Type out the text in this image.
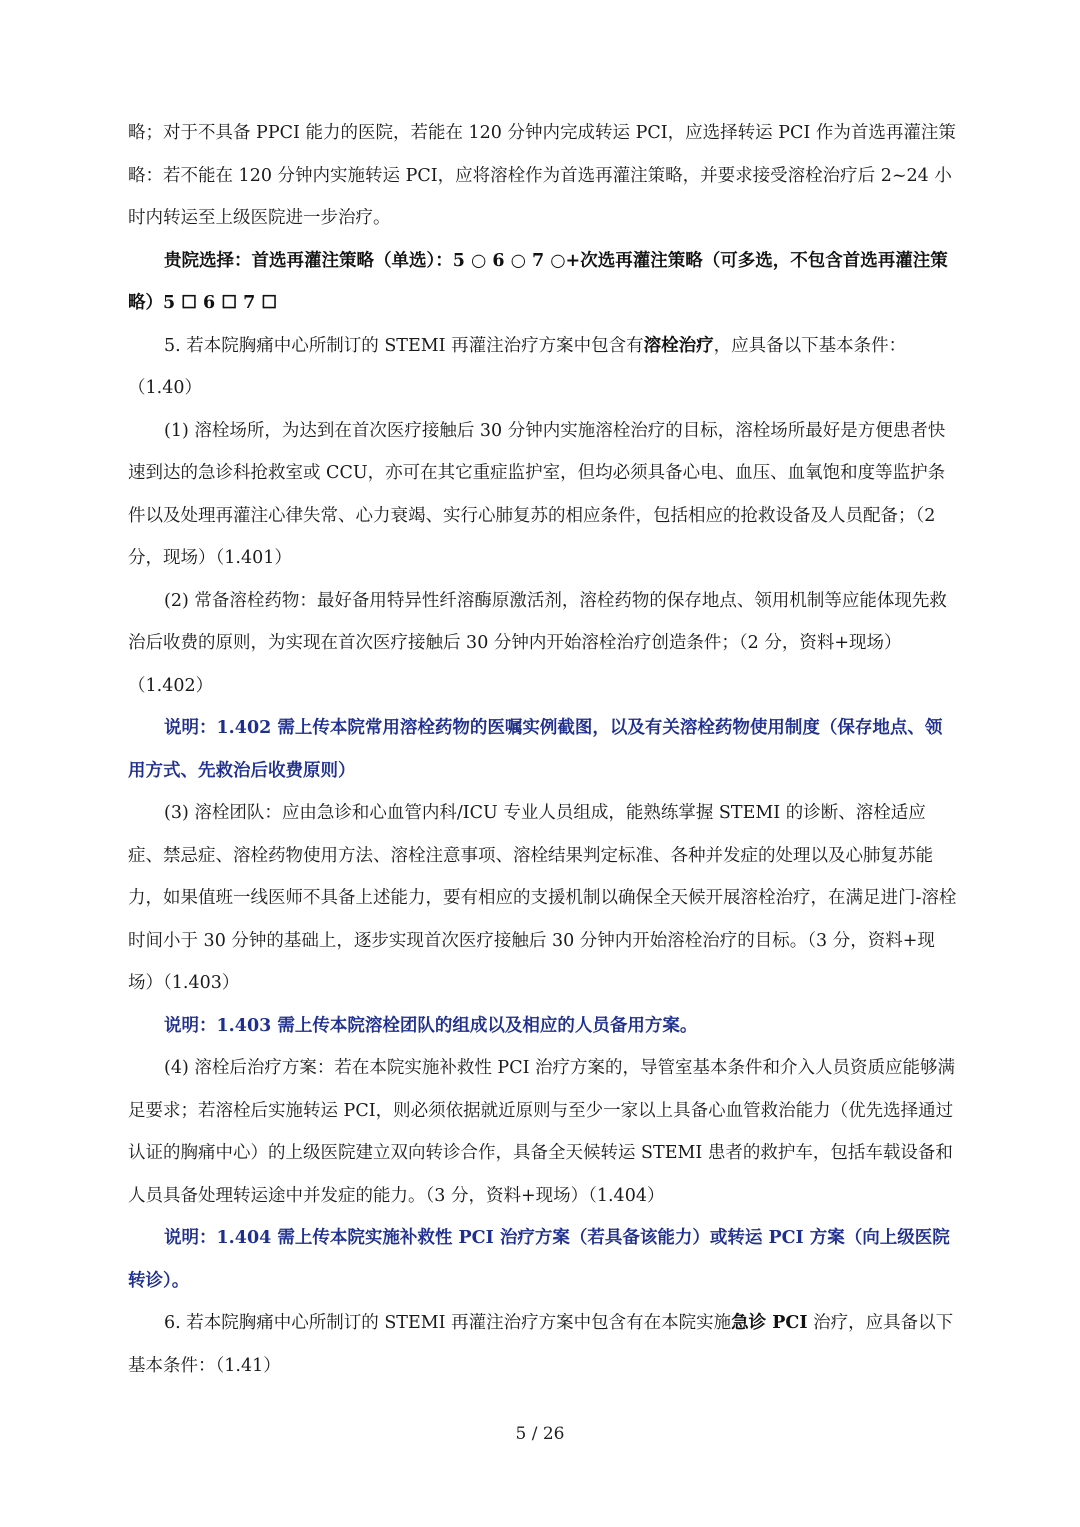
略；对于不具备 PPCI 能力的医院，若能在 120 分钟内完成转运 PCI，应选择转运 PCI 作为首选再灌注策略：若不能在 120 分钟内实施转运 PCI，应将溶栓作为首选再灌注策略，并要求接受溶栓治疗后 2~24 小时内转运至上级医院进一步治疗。

贵院选择：首选再灌注策略（单选）：5 ○ 6 ○ 7 ○+次选再灌注策略（可多选，不包含首选再灌注策略）5 ☐ 6 ☐ 7 ☐

5. 若本院胸痛中心所制订的 STEMI 再灌注治疗方案中包含有溶栓治疗，应具备以下基本条件：（1.40）

(1) 溶栓场所，为达到在首次医疗接触后 30 分钟内实施溶栓治疗的目标，溶栓场所最好是方便患者快速到达的急诊科抢救室或 CCU，亦可在其它重症监护室，但均必须具备心电、血压、血氧饱和度等监护条件以及处理再灌注心律失常、心力衰竭、实行心肺复苏的相应条件，包括相应的抢救设备及人员配备；（2 分，现场）（1.401）

(2) 常备溶栓药物：最好备用特异性纤溶酶原激活剂，溶栓药物的保存地点、领用机制等应能体现先救治后收费的原则，为实现在首次医疗接触后 30 分钟内开始溶栓治疗创造条件；（2 分，资料+现场）（1.402）

说明：1.402 需上传本院常用溶栓药物的医嘱实例截图，以及有关溶栓药物使用制度（保存地点、领用方式、先救治后收费原则）

(3) 溶栓团队：应由急诊和心血管内科/ICU 专业人员组成，能熟练掌握 STEMI 的诊断、溶栓适应症、禁忌症、溶栓药物使用方法、溶栓注意事项、溶栓结果判定标准、各种并发症的处理以及心肺复苏能力，如果值班一线医师不具备上述能力，要有相应的支援机制以确保全天候开展溶栓治疗，在满足进门-溶栓时间小于 30 分钟的基础上，逐步实现首次医疗接触后 30 分钟内开始溶栓治疗的目标。（3 分，资料+现场）（1.403）

说明：1.403 需上传本院溶栓团队的组成以及相应的人员备用方案。

(4) 溶栓后治疗方案：若在本院实施补救性 PCI 治疗方案的，导管室基本条件和介入人员资质应能够满足要求；若溶栓后实施转运 PCI，则必须依据就近原则与至少一家以上具备心血管救治能力（优先选择通过认证的胸痛中心）的上级医院建立双向转诊合作，具备全天候转运 STEMI 患者的救护车，包括车载设备和人员具备处理转运途中并发症的能力。（3 分，资料+现场）（1.404）

说明：1.404 需上传本院实施补救性 PCI 治疗方案（若具备该能力）或转运 PCI 方案（向上级医院转诊）。

6. 若本院胸痛中心所制订的 STEMI 再灌注治疗方案中包含有在本院实施急诊 PCI 治疗，应具备以下基本条件：（1.41）

5 / 26
